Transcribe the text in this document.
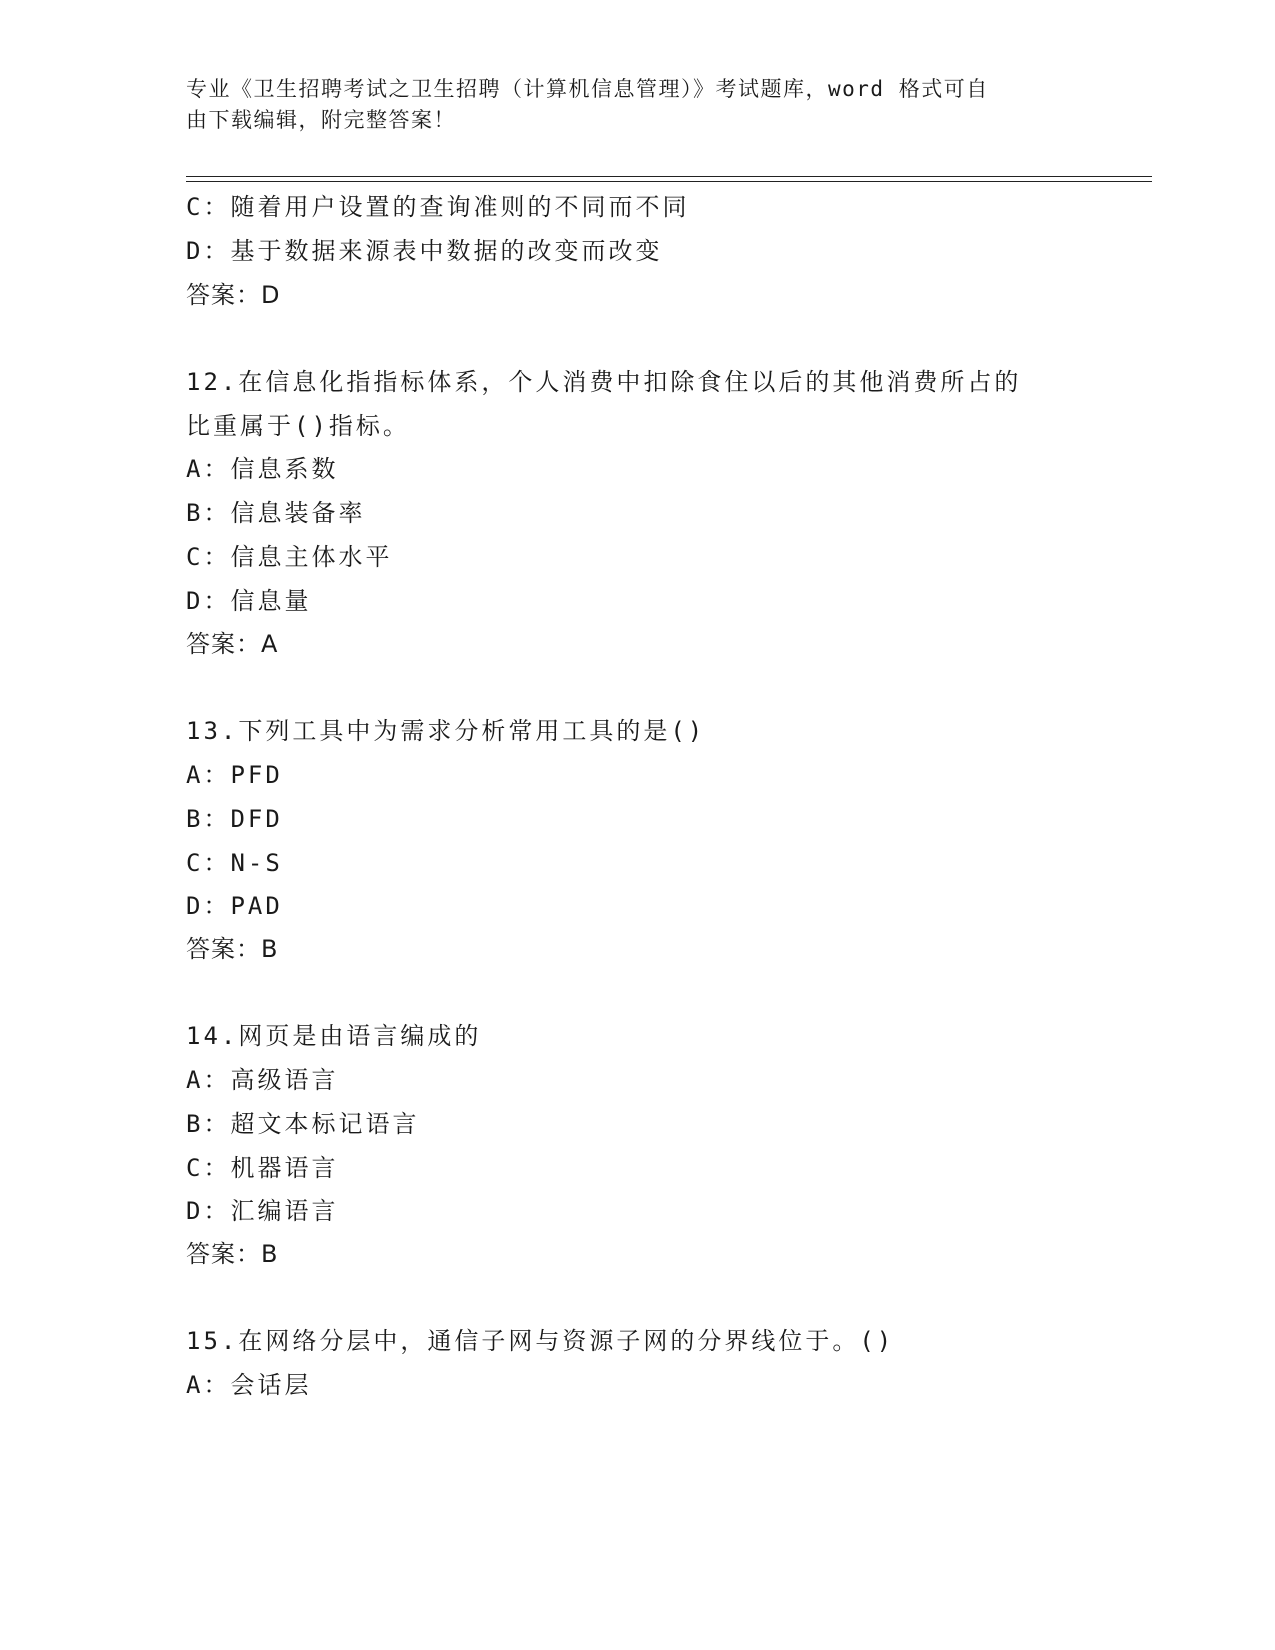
专业《卫生招聘考试之卫生招聘（计算机信息管理）》考试题库，word 格式可自
由下载编辑，附完整答案！
C：随着用户设置的查询准则的不同而不同
D：基于数据来源表中数据的改变而改变
答案：D
12.在信息化指指标体系，个人消费中扣除食住以后的其他消费所占的
比重属于()指标。
A：信息系数
B：信息装备率
C：信息主体水平
D：信息量
答案：A
13.下列工具中为需求分析常用工具的是()
A：PFD
B：DFD
C：N-S
D：PAD
答案：B
14.网页是由语言编成的
A：高级语言
B：超文本标记语言
C：机器语言
D：汇编语言
答案：B
15.在网络分层中，通信子网与资源子网的分界线位于。()
A：会话层
